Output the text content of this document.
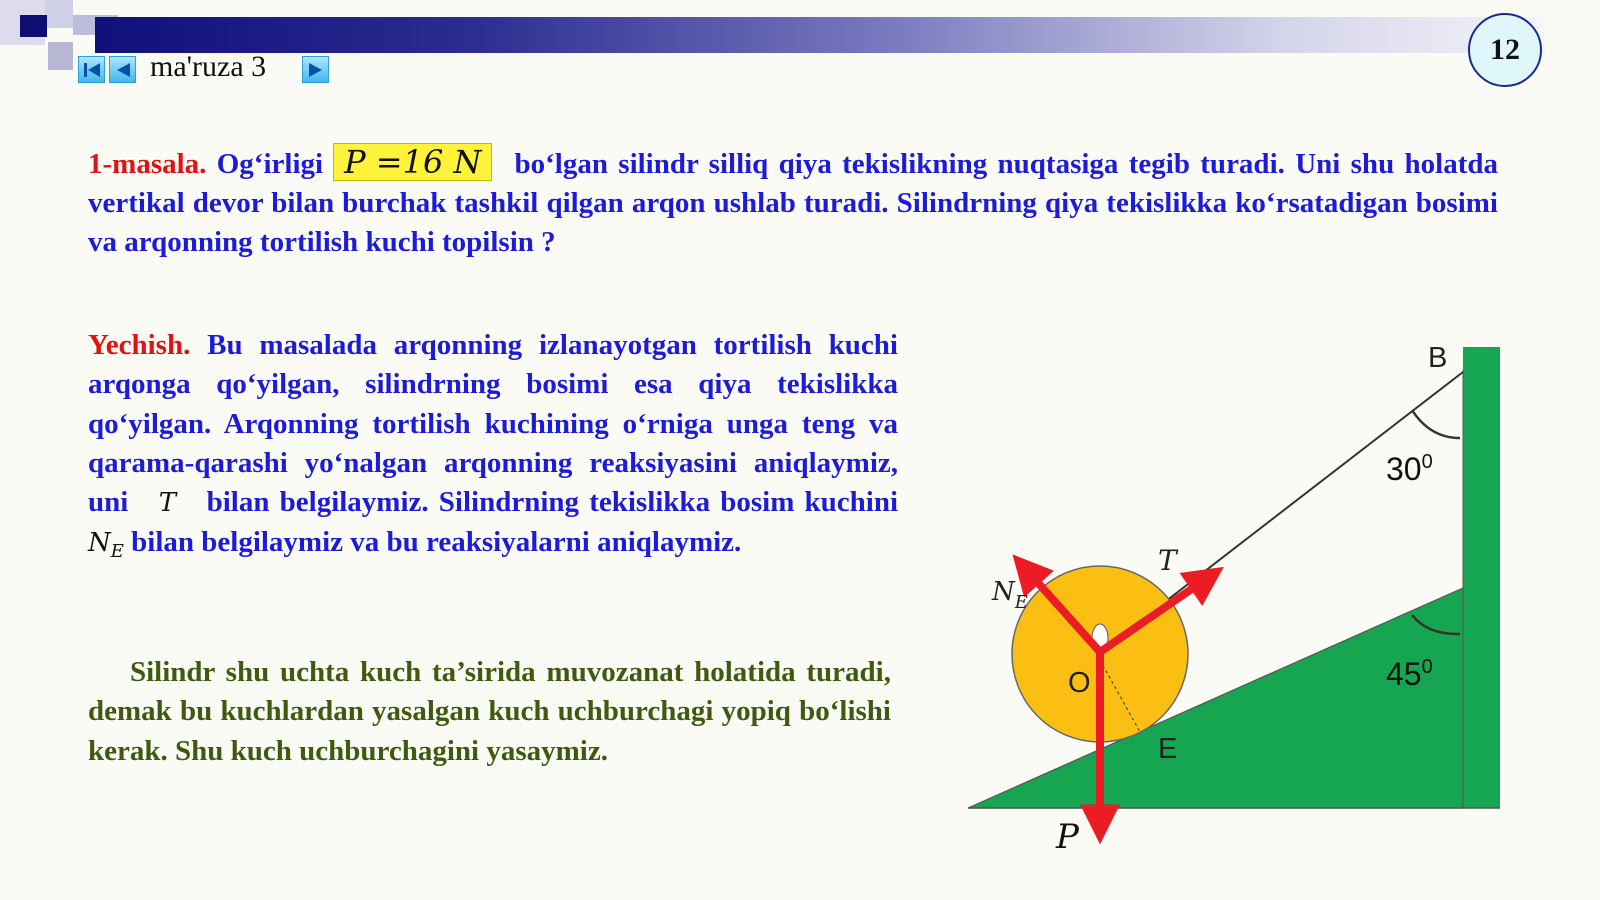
ma'ruza 3
12
1-masala. Og‘irligi P =16 N bo‘lgan silindr silliq qiya tekislikning nuqtasiga tegib turadi. Uni shu holatda vertikal devor bilan burchak tashkil qilgan arqon ushlab turadi. Silindrning qiya tekislikka ko‘rsatadigan bosimi va arqonning tortilish kuchi topilsin ?
Yechish. Bu masalada arqonning izlanayotgan tortilish kuchi arqonga qo‘yilgan, silindrning bosimi esa qiya tekislikka qo‘yilgan. Arqonning tortilish kuchining o‘rniga unga teng va qarama-qarashi yo‘nalgan arqonning reaksiyasini aniqlaymiz, uni T bilan belgilaymiz. Silindrning tekislikka bosim kuchini $N_E$ bilan belgilaymiz va bu reaksiyalarni aniqlaymiz.
Silindr shu uchta kuch ta’sirida muvozanat holatida turadi, demak bu kuchlardan yasalgan kuch uchburchagi yopiq bo‘lishi kerak. Shu kuch uchburchagini yasaymiz.
B
O
E
T
$N_E$
P
$30^0$
$45^0$
